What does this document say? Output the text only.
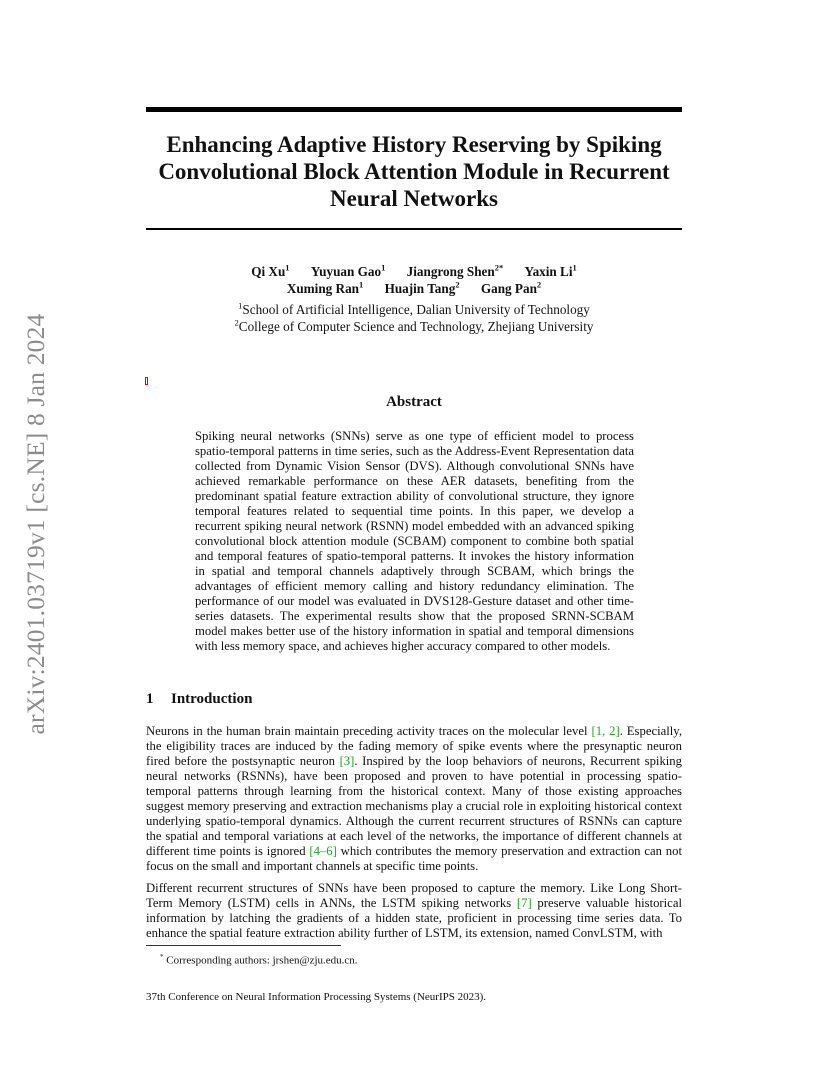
arXiv:2401.03719v1 [cs.NE] 8 Jan 2024
Enhancing Adaptive History Reserving by Spiking Convolutional Block Attention Module in Recurrent Neural Networks
Qi Xu$^1$ Yuyuan Gao$^1$ Jiangrong Shen$^{2*}$ Yaxin Li$^1$
Xuming Ran$^1$ Huajin Tang$^2$ Gang Pan$^2$
$^1$School of Artificial Intelligence, Dalian University of Technology
$^2$College of Computer Science and Technology, Zhejiang University
Abstract
Spiking neural networks (SNNs) serve as one type of efficient model to process spatio-temporal patterns in time series, such as the Address-Event Representation data collected from Dynamic Vision Sensor (DVS). Although convolutional SNNs have achieved remarkable performance on these AER datasets, benefiting from the predominant spatial feature extraction ability of convolutional structure, they ignore temporal features related to sequential time points. In this paper, we develop a recurrent spiking neural network (RSNN) model embedded with an advanced spiking convolutional block attention module (SCBAM) component to combine both spatial and temporal features of spatio-temporal patterns. It invokes the history information in spatial and temporal channels adaptively through SCBAM, which brings the advantages of efficient memory calling and history redundancy elimination. The performance of our model was evaluated in DVS128-Gesture dataset and other time-series datasets. The experimental results show that the proposed SRNN-SCBAM model makes better use of the history information in spatial and temporal dimensions with less memory space, and achieves higher accuracy compared to other models.
1 Introduction
Neurons in the human brain maintain preceding activity traces on the molecular level [1, 2]. Especially, the eligibility traces are induced by the fading memory of spike events where the presynaptic neuron fired before the postsynaptic neuron [3]. Inspired by the loop behaviors of neurons, Recurrent spiking neural networks (RSNNs), have been proposed and proven to have potential in processing spatio-temporal patterns through learning from the historical context. Many of those existing approaches suggest memory preserving and extraction mechanisms play a crucial role in exploiting historical context underlying spatio-temporal dynamics. Although the current recurrent structures of RSNNs can capture the spatial and temporal variations at each level of the networks, the importance of different channels at different time points is ignored [4–6] which contributes the memory preservation and extraction can not focus on the small and important channels at specific time points.
Different recurrent structures of SNNs have been proposed to capture the memory. Like Long Short-Term Memory (LSTM) cells in ANNs, the LSTM spiking networks [7] preserve valuable historical information by latching the gradients of a hidden state, proficient in processing time series data. To enhance the spatial feature extraction ability further of LSTM, its extension, named ConvLSTM, with
* Corresponding authors: jrshen@zju.edu.cn.
37th Conference on Neural Information Processing Systems (NeurIPS 2023).
